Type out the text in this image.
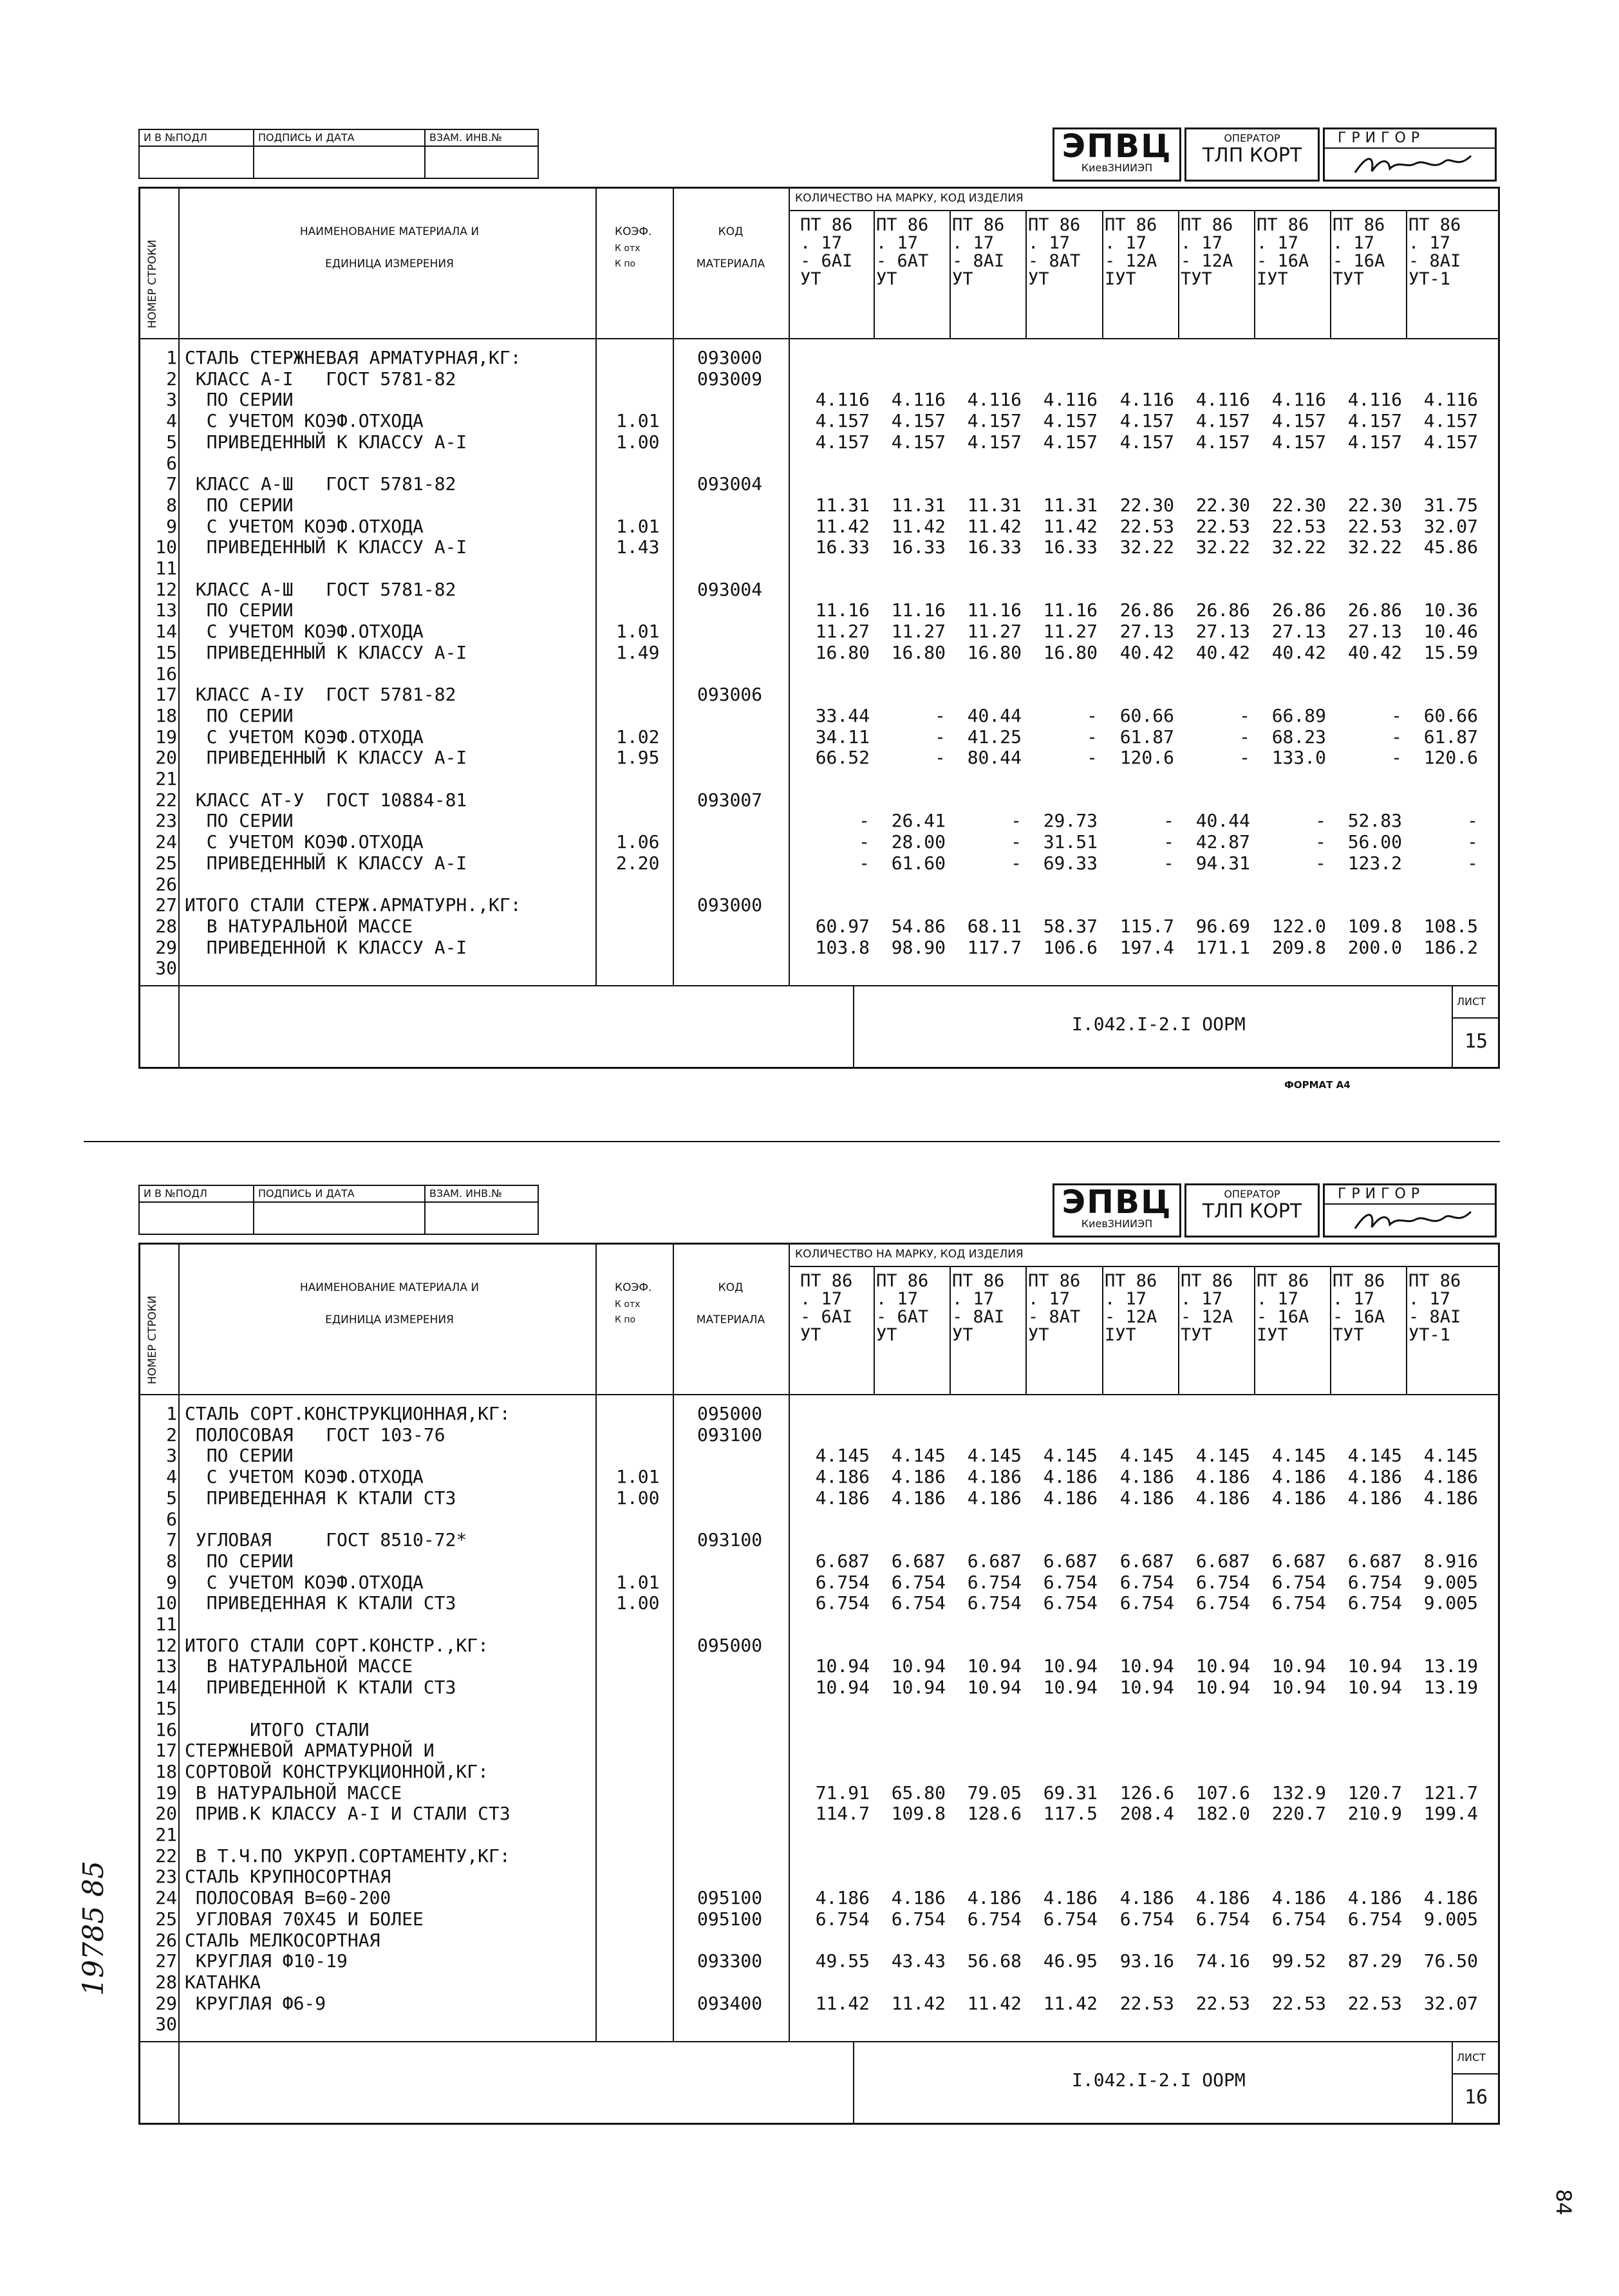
И В №ПОДЛ	ПОДПИСЬ И ДАТА	ВЗАМ. ИНВ.№	ЭПВЦ
КиевЗНИИЭП
ОПЕРАТОР
ТЛП КОРТ
ГРИГОР
НОМЕР СТРОКИ
НАИМЕНОВАНИЕ МАТЕРИАЛА И
ЕДИНИЦА ИЗМЕРЕНИЯ
КОЭФ.
К отх
К по
КОД
МАТЕРИАЛА
КОЛИЧЕСТВО НА МАРКУ, КОД ИЗДЕЛИЯ
ПТ 86
. 17
- 6АI
УТ
ПТ 86
. 17
- 6АТ
УТ
ПТ 86
. 17
- 8АI
УТ
ПТ 86
. 17
- 8АТ
УТ
ПТ 86
. 17
- 12А
IУТ
ПТ 86
. 17
- 12А
ТУТ
ПТ 86
. 17
- 16А
IУТ
ПТ 86
. 17
- 16А
ТУТ
ПТ 86
. 17
- 8АI
УТ-1
1 СТАЛЬ СТЕРЖНЕВАЯ АРМАТУРНАЯ,КГ:	093000
2 КЛАСС А-I   ГОСТ 5781-82	093009
3 ПО СЕРИИ	4.116	4.116	4.116	4.116	4.116	4.116	4.116	4.116	4.116
4 С УЧЕТОМ КОЭФ.ОТХОДА	1.01	4.157	4.157	4.157	4.157	4.157	4.157	4.157	4.157	4.157
5 ПРИВЕДЕННЫЙ К КЛАССУ А-I	1.00	4.157	4.157	4.157	4.157	4.157	4.157	4.157	4.157	4.157
6
7 КЛАСС А-Ш   ГОСТ 5781-82	093004
8 ПО СЕРИИ	11.31	11.31	11.31	11.31	22.30	22.30	22.30	22.30	31.75
9 С УЧЕТОМ КОЭФ.ОТХОДА	1.01	11.42	11.42	11.42	11.42	22.53	22.53	22.53	22.53	32.07
10 ПРИВЕДЕННЫЙ К КЛАССУ А-I	1.43	16.33	16.33	16.33	16.33	32.22	32.22	32.22	32.22	45.86
11
12 КЛАСС А-Ш   ГОСТ 5781-82	093004
13 ПО СЕРИИ	11.16	11.16	11.16	11.16	26.86	26.86	26.86	26.86	10.36
14 С УЧЕТОМ КОЭФ.ОТХОДА	1.01	11.27	11.27	11.27	11.27	27.13	27.13	27.13	27.13	10.46
15 ПРИВЕДЕННЫЙ К КЛАССУ А-I	1.49	16.80	16.80	16.80	16.80	40.42	40.42	40.42	40.42	15.59
16
17 КЛАСС А-IУ  ГОСТ 5781-82	093006
18 ПО СЕРИИ	33.44	-	40.44	-	60.66	-	66.89	-	60.66
19 С УЧЕТОМ КОЭФ.ОТХОДА	1.02	34.11	-	41.25	-	61.87	-	68.23	-	61.87
20 ПРИВЕДЕННЫЙ К КЛАССУ А-I	1.95	66.52	-	80.44	-	120.6	-	133.0	-	120.6
21
22 КЛАСС АТ-У  ГОСТ 10884-81	093007
23 ПО СЕРИИ	-	26.41	-	29.73	-	40.44	-	52.83	-
24 С УЧЕТОМ КОЭФ.ОТХОДА	1.06	-	28.00	-	31.51	-	42.87	-	56.00	-
25 ПРИВЕДЕННЫЙ К КЛАССУ А-I	2.20	-	61.60	-	69.33	-	94.31	-	123.2	-
26
27 ИТОГО СТАЛИ СТЕРЖ.АРМАТУРН.,КГ:	093000
28 В НАТУРАЛЬНОЙ МАССЕ	60.97	54.86	68.11	58.37	115.7	96.69	122.0	109.8	108.5
29 ПРИВЕДЕННОЙ К КЛАССУ А-I	103.8	98.90	117.7	106.6	197.4	171.1	209.8	200.0	186.2
30
I.042.I-2.I OOPM
ЛИСТ
15
ФОРМАТ А4
И В №ПОДЛ	ПОДПИСЬ И ДАТА	ВЗАМ. ИНВ.№	ЭПВЦ
КиевЗНИИЭП
ОПЕРАТОР
ТЛП КОРТ
ГРИГОР
НОМЕР СТРОКИ
НАИМЕНОВАНИЕ МАТЕРИАЛА И
ЕДИНИЦА ИЗМЕРЕНИЯ
КОЭФ.
К отх
К по
КОД
МАТЕРИАЛА
КОЛИЧЕСТВО НА МАРКУ, КОД ИЗДЕЛИЯ
ПТ 86
. 17
- 6АI
УТ
ПТ 86
. 17
- 6АТ
УТ
ПТ 86
. 17
- 8АI
УТ
ПТ 86
. 17
- 8АТ
УТ
ПТ 86
. 17
- 12А
IУТ
ПТ 86
. 17
- 12А
ТУТ
ПТ 86
. 17
- 16А
IУТ
ПТ 86
. 17
- 16А
ТУТ
ПТ 86
. 17
- 8АI
УТ-1
1 СТАЛЬ СОРТ.КОНСТРУКЦИОННАЯ,КГ:	095000
2 ПОЛОСОВАЯ   ГОСТ 103-76	093100
3 ПО СЕРИИ	4.145	4.145	4.145	4.145	4.145	4.145	4.145	4.145	4.145
4 С УЧЕТОМ КОЭФ.ОТХОДА	1.01	4.186	4.186	4.186	4.186	4.186	4.186	4.186	4.186	4.186
5 ПРИВЕДЕННАЯ К КТАЛИ СТЗ	1.00	4.186	4.186	4.186	4.186	4.186	4.186	4.186	4.186	4.186
6
7 УГЛОВАЯ     ГОСТ 8510-72*	093100
8 ПО СЕРИИ	6.687	6.687	6.687	6.687	6.687	6.687	6.687	6.687	8.916
9 С УЧЕТОМ КОЭФ.ОТХОДА	1.01	6.754	6.754	6.754	6.754	6.754	6.754	6.754	6.754	9.005
10 ПРИВЕДЕННАЯ К КТАЛИ СТЗ	1.00	6.754	6.754	6.754	6.754	6.754	6.754	6.754	6.754	9.005
11
12 ИТОГО СТАЛИ СОРТ.КОНСТР.,КГ:	095000
13 В НАТУРАЛЬНОЙ МАССЕ	10.94	10.94	10.94	10.94	10.94	10.94	10.94	10.94	13.19
14 ПРИВЕДЕННОЙ К КТАЛИ СТЗ	10.94	10.94	10.94	10.94	10.94	10.94	10.94	10.94	13.19
15
16 ИТОГО СТАЛИ
17 СТЕРЖНЕВОЙ АРМАТУРНОЙ И
18 СОРТОВОЙ КОНСТРУКЦИОННОЙ,КГ:
19 В НАТУРАЛЬНОЙ МАССЕ	71.91	65.80	79.05	69.31	126.6	107.6	132.9	120.7	121.7
20 ПРИВ.К КЛАССУ А-I И СТАЛИ СТЗ	114.7	109.8	128.6	117.5	208.4	182.0	220.7	210.9	199.4
21
22 В Т.Ч.ПО УКРУП.СОРТАМЕНТУ,КГ:
23 СТАЛЬ КРУПНОСОРТНАЯ
24 ПОЛОСОВАЯ В=60-200	095100	4.186	4.186	4.186	4.186	4.186	4.186	4.186	4.186	4.186
25 УГЛОВАЯ 70Х45 И БОЛЕЕ	095100	6.754	6.754	6.754	6.754	6.754	6.754	6.754	6.754	9.005
26 СТАЛЬ МЕЛКОСОРТНАЯ
27 КРУГЛАЯ Ф10-19	093300	49.55	43.43	56.68	46.95	93.16	74.16	99.52	87.29	76.50
28 КАТАНКА
29 КРУГЛАЯ Ф6-9	093400	11.42	11.42	11.42	11.42	22.53	22.53	22.53	22.53	32.07
30
I.042.I-2.I OOPM
ЛИСТ
16
19785 85
84
